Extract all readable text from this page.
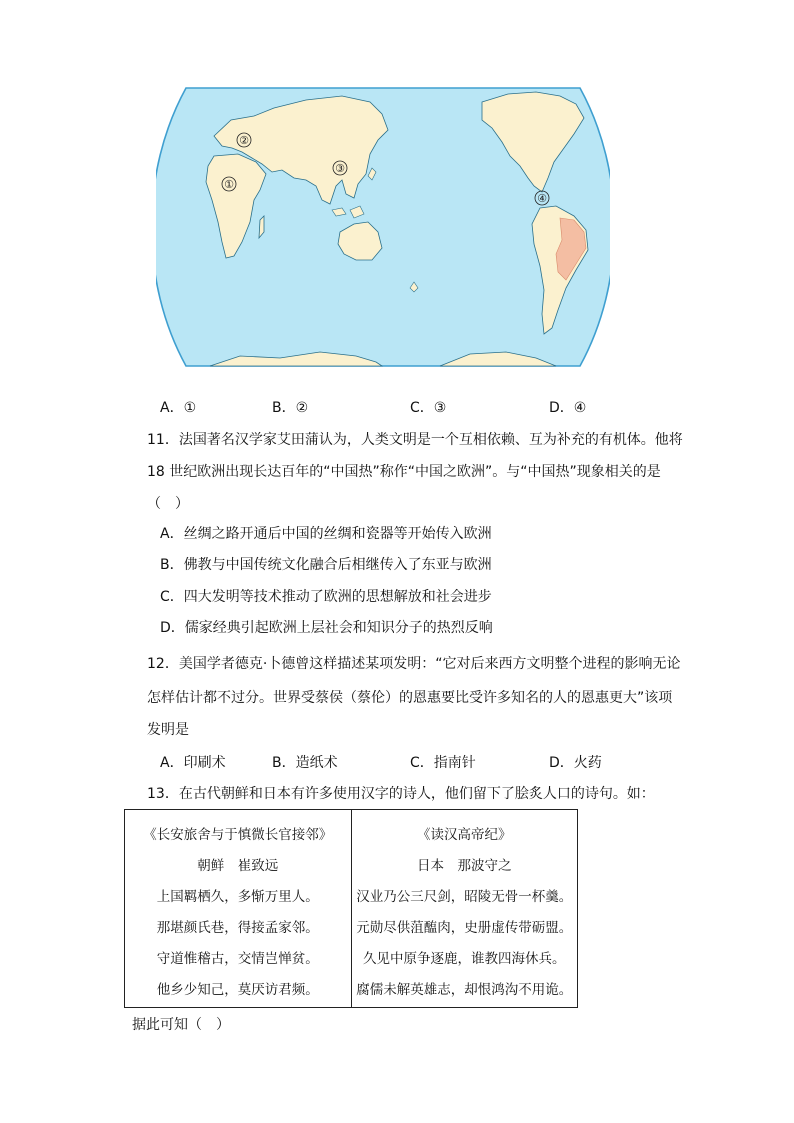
①
②
③
④
A．①	B．②	C．③	D．④
11．法国著名汉学家艾田蒲认为，人类文明是一个互相依赖、互为补充的有机体。他将
18 世纪欧洲出现长达百年的“中国热”称作“中国之欧洲”。与“中国热”现象相关的是
（　）
A．丝绸之路开通后中国的丝绸和瓷器等开始传入欧洲
B．佛教与中国传统文化融合后相继传入了东亚与欧洲
C．四大发明等技术推动了欧洲的思想解放和社会进步
D．儒家经典引起欧洲上层社会和知识分子的热烈反响
12．美国学者德克·卜德曾这样描述某项发明：“它对后来西方文明整个进程的影响无论
怎样估计都不过分。世界受蔡侯（蔡伦）的恩惠要比受许多知名的人的恩惠更大”该项
发明是
A．印刷术	B．造纸术	C．指南针	D．火药
13．在古代朝鲜和日本有许多使用汉字的诗人，他们留下了脍炙人口的诗句。如：
《长安旅舍与于慎微长官接邻》
朝鲜　崔致远
上国羁栖久，多惭万里人。
那堪颜氏巷，得接孟家邻。
守道惟稽古，交情岂惮贫。
他乡少知己，莫厌访君频。

《读汉高帝纪》
日本　那波守之
汉业乃公三尺剑，昭陵无骨一杯羹。
元勋尽供菹醢肉，史册虚传带砺盟。
久见中原争逐鹿，谁教四海休兵。
腐儒未解英雄志，却恨鸿沟不用诡。
据此可知（　）
